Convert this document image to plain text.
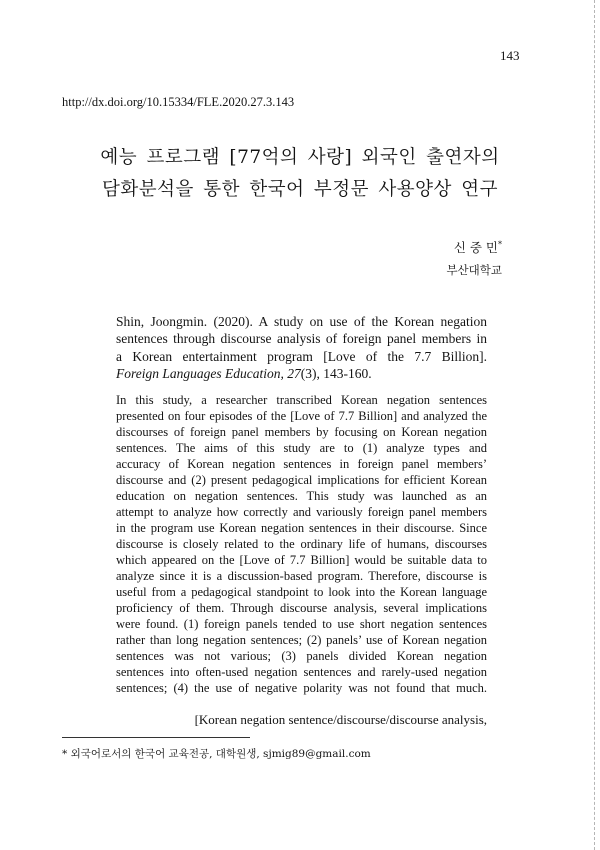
143
http://dx.doi.org/10.15334/FLE.2020.27.3.143
예능 프로그램 [77억의 사랑] 외국인 출연자의
담화분석을 통한 한국어 부정문 사용양상 연구
신 중 민*
부산대학교
Shin, Joongmin. (2020). A study on use of the Korean negation
sentences through discourse analysis of foreign panel members in
a Korean entertainment program [Love of the 7.7 Billion].
Foreign Languages Education, 27(3), 143-160.
In this study, a researcher transcribed Korean negation sentences
presented on four episodes of the [Love of 7.7 Billion] and analyzed the
discourses of foreign panel members by focusing on Korean negation
sentences. The aims of this study are to (1) analyze types and
accuracy of Korean negation sentences in foreign panel members’
discourse and (2) present pedagogical implications for efficient Korean
education on negation sentences. This study was launched as an
attempt to analyze how correctly and variously foreign panel members
in the program use Korean negation sentences in their discourse. Since
discourse is closely related to the ordinary life of humans, discourses
which appeared on the [Love of 7.7 Billion] would be suitable data to
analyze since it is a discussion-based program. Therefore, discourse is
useful from a pedagogical standpoint to look into the Korean language
proficiency of them. Through discourse analysis, several implications
were found. (1) foreign panels tended to use short negation sentences
rather than long negation sentences; (2) panels’ use of Korean negation
sentences was not various; (3) panels divided Korean negation
sentences into often-used negation sentences and rarely-used negation
sentences; (4) the use of negative polarity was not found that much.
[Korean negation sentence/discourse/discourse analysis,
* 외국어로서의 한국어 교육전공, 대학원생, sjmig89@gmail.com
